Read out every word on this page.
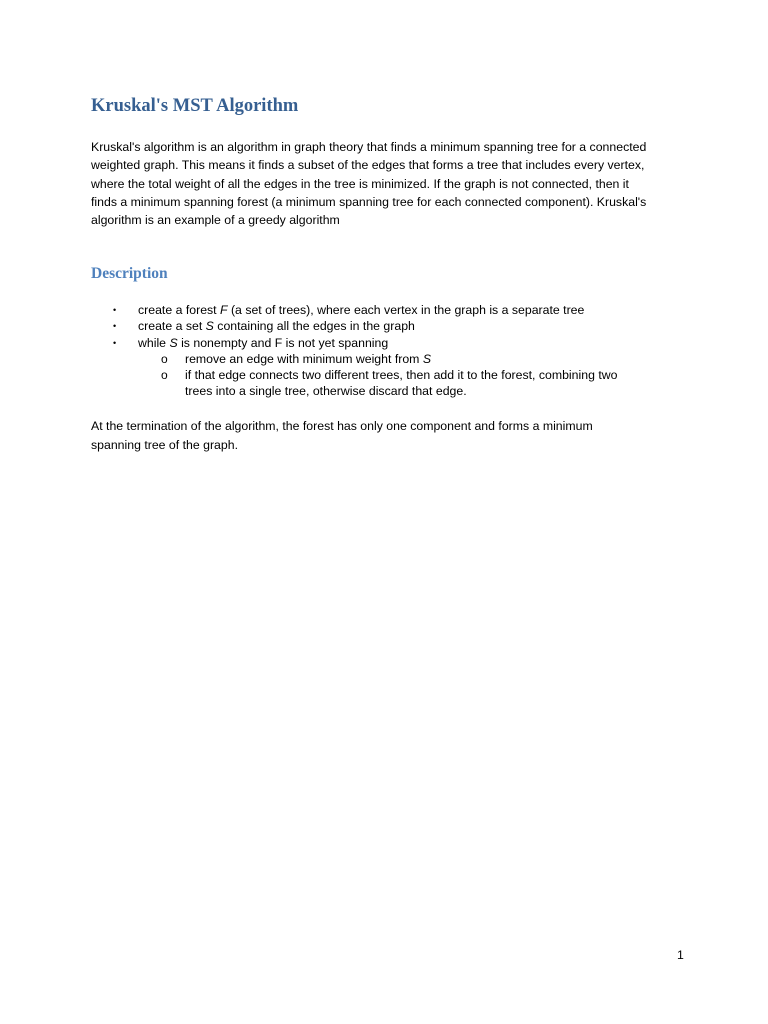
Kruskal's MST Algorithm

Kruskal's algorithm is an algorithm in graph theory that finds a minimum spanning tree for a connected
weighted graph. This means it finds a subset of the edges that forms a tree that includes every vertex,
where the total weight of all the edges in the tree is minimized. If the graph is not connected, then it
finds a minimum spanning forest (a minimum spanning tree for each connected component). Kruskal's
algorithm is an example of a greedy algorithm

Description
•	create a forest F (a set of trees), where each vertex in the graph is a separate tree
•	create a set S containing all the edges in the graph
•	while S is nonempty and F is not yet spanning
o	remove an edge with minimum weight from S
o	if that edge connects two different trees, then add it to the forest, combining two
trees into a single tree, otherwise discard that edge.

At the termination of the algorithm, the forest has only one component and forms a minimum
spanning tree of the graph.

1
